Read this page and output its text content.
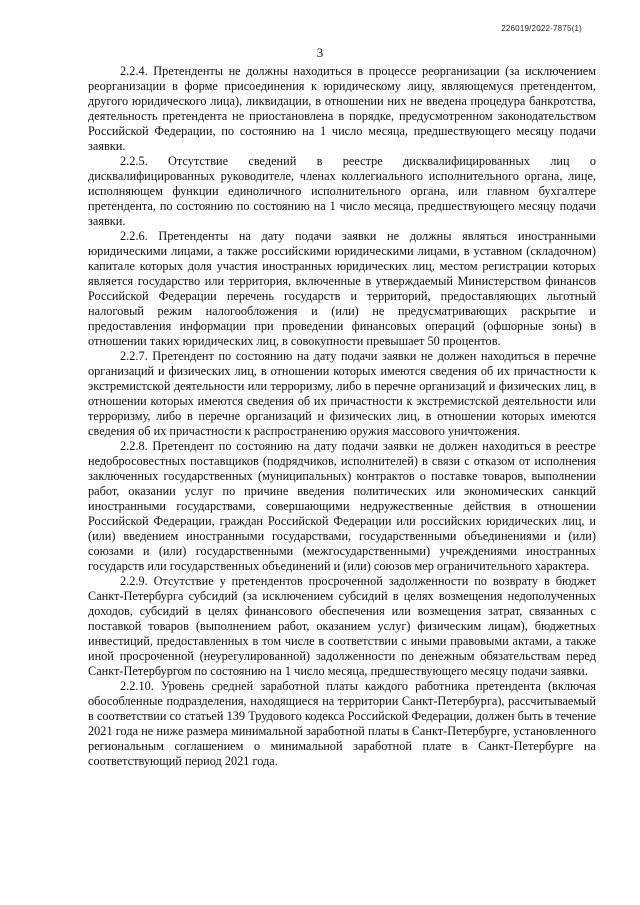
226019/2022-7875(1)
3

2.2.4. Претенденты не должны находиться в процессе реорганизации (за исключением реорганизации в форме присоединения к юридическому лицу, являющемуся претендентом, другого юридического лица), ликвидации, в отношении них не введена процедура банкротства, деятельность претендента не приостановлена в порядке, предусмотренном законодательством Российской Федерации, по состоянию на 1 число месяца, предшествующего месяцу подачи заявки.

2.2.5. Отсутствие сведений в реестре дисквалифицированных лиц о дисквалифицированных руководителе, членах коллегиального исполнительного органа, лице, исполняющем функции единоличного исполнительного органа, или главном бухгалтере претендента, по состоянию по состоянию на 1 число месяца, предшествующего месяцу подачи заявки.

2.2.6. Претенденты на дату подачи заявки не должны являться иностранными юридическими лицами, а также российскими юридическими лицами, в уставном (складочном) капитале которых доля участия иностранных юридических лиц, местом регистрации которых является государство или территория, включенные в утверждаемый Министерством финансов Российской Федерации перечень государств и территорий, предоставляющих льготный налоговый режим налогообложения и (или) не предусматривающих раскрытие и предоставления информации при проведении финансовых операций (офшорные зоны) в отношении таких юридических лиц, в совокупности превышает 50 процентов.

2.2.7. Претендент по состоянию на дату подачи заявки не должен находиться в перечне организаций и физических лиц, в отношении которых имеются сведения об их причастности к экстремистской деятельности или терроризму, либо в перечне организаций и физических лиц, в отношении которых имеются сведения об их причастности к экстремистской деятельности или терроризму, либо в перечне организаций и физических лиц, в отношении которых имеются сведения об их причастности к распространению оружия массового уничтожения.

2.2.8. Претендент по состоянию на дату подачи заявки не должен находиться в реестре недобросовестных поставщиков (подрядчиков, исполнителей) в связи с отказом от исполнения заключенных государственных (муниципальных) контрактов о поставке товаров, выполнении работ, оказании услуг по причине введения политических или экономических санкций иностранными государствами, совершающими недружественные действия в отношении Российской Федерации, граждан Российской Федерации или российских юридических лиц, и (или) введением иностранными государствами, государственными объединениями и (или) союзами и (или) государственными (межгосударственными) учреждениями иностранных государств или государственных объединений и (или) союзов мер ограничительного характера.

2.2.9. Отсутствие у претендентов просроченной задолженности по возврату в бюджет Санкт-Петербурга субсидий (за исключением субсидий в целях возмещения недополученных доходов, субсидий в целях финансового обеспечения или возмещения затрат, связанных с поставкой товаров (выполнением работ, оказанием услуг) физическим лицам), бюджетных инвестиций, предоставленных в том числе в соответствии с иными правовыми актами, а также иной просроченной (неурегулированной) задолженности по денежным обязательствам перед Санкт-Петербургом по состоянию на 1 число месяца, предшествующего месяцу подачи заявки.

2.2.10. Уровень средней заработной платы каждого работника претендента (включая обособленные подразделения, находящиеся на территории Санкт-Петербурга), рассчитываемый в соответствии со статьей 139 Трудового кодекса Российской Федерации, должен быть в течение 2021 года не ниже размера минимальной заработной платы в Санкт-Петербурге, установленного региональным соглашением о минимальной заработной плате в Санкт-Петербурге на соответствующий период 2021 года.
